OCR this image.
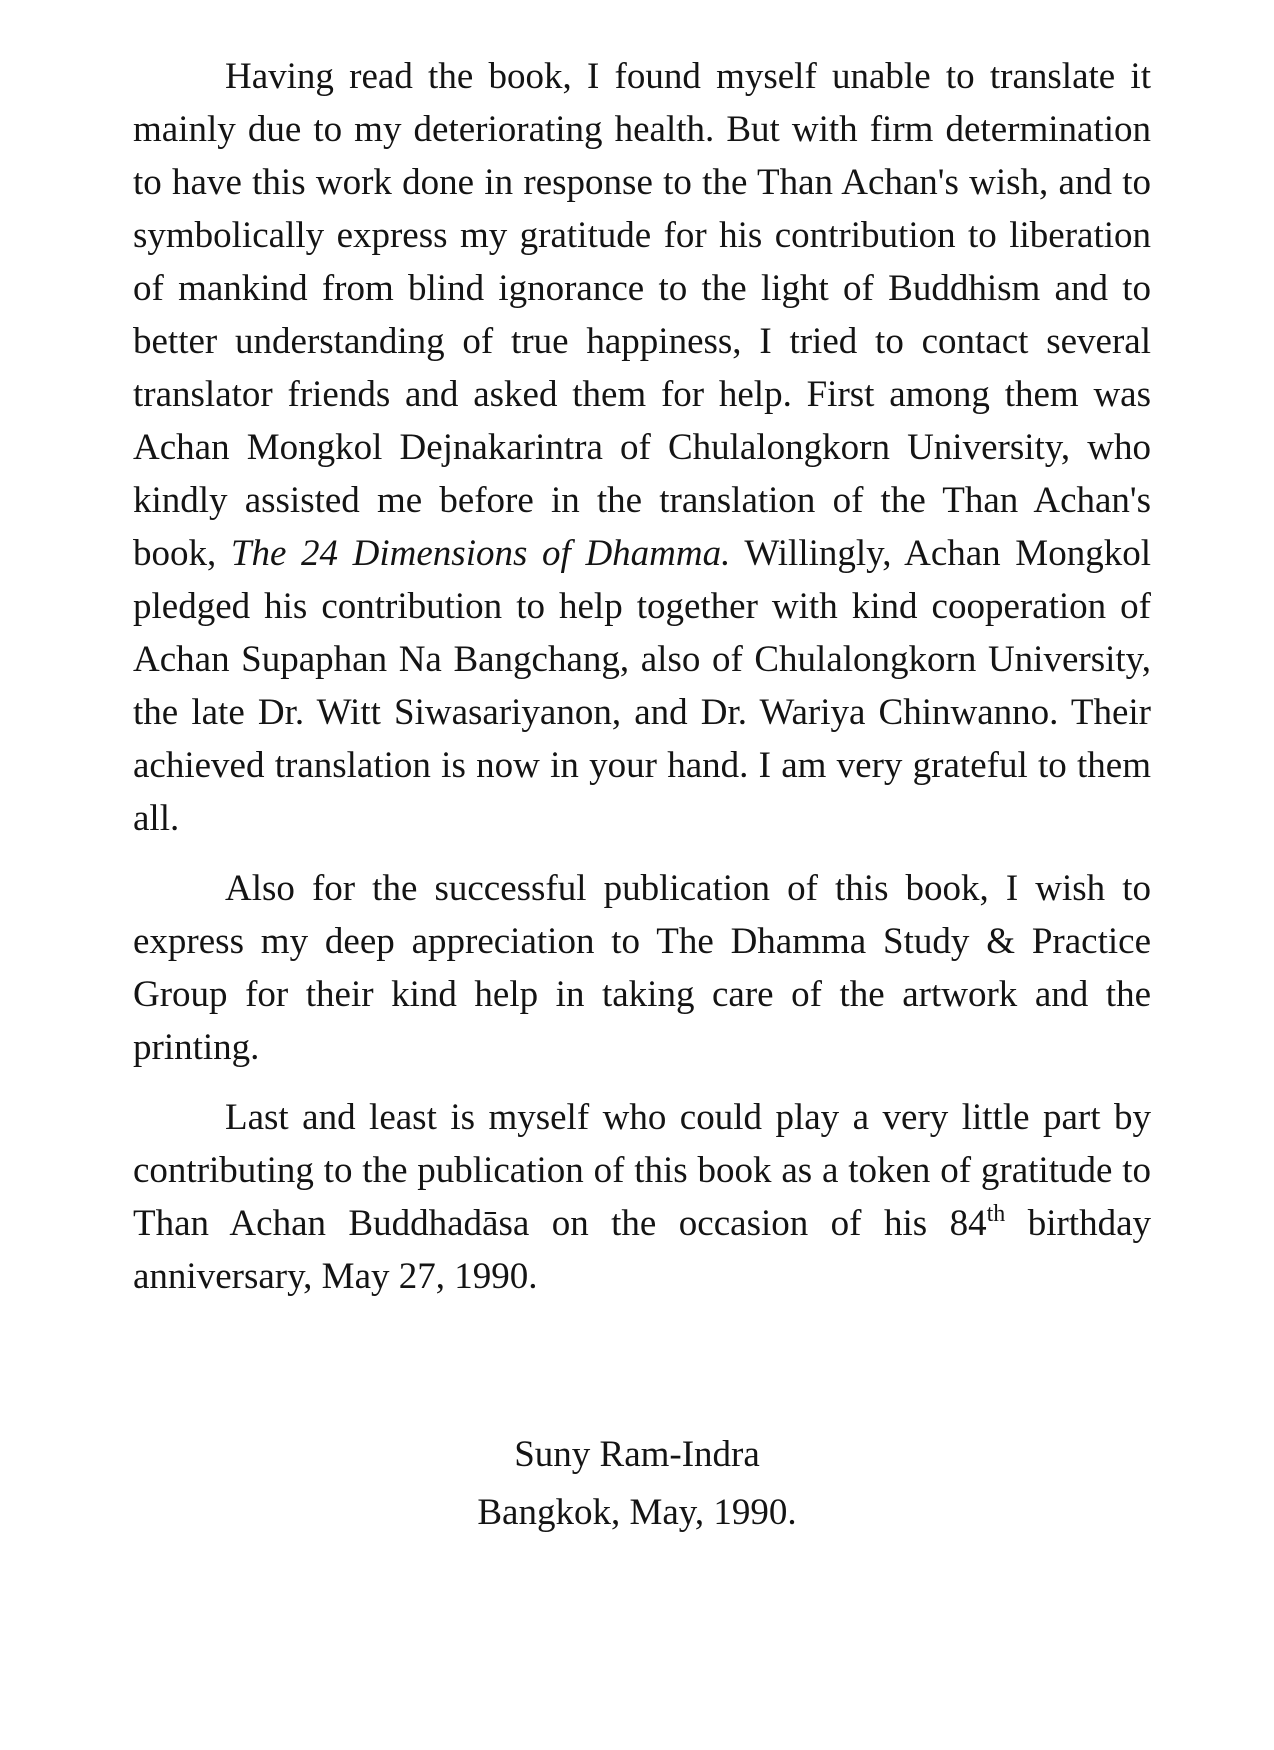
Having read the book, I found myself unable to translate it mainly due to my deteriorating health. But with firm determination to have this work done in response to the Than Achan's wish, and to symbolically express my gratitude for his contribution to liberation of mankind from blind ignorance to the light of Buddhism and to better understanding of true happiness, I tried to contact several translator friends and asked them for help. First among them was Achan Mongkol Dejnakarintra of Chulalongkorn University, who kindly assisted me before in the translation of the Than Achan's book, The 24 Dimensions of Dhamma. Willingly, Achan Mongkol pledged his contribution to help together with kind cooperation of Achan Supaphan Na Bangchang, also of Chulalongkorn University, the late Dr. Witt Siwasariyanon, and Dr. Wariya Chinwanno. Their achieved translation is now in your hand. I am very grateful to them all.

Also for the successful publication of this book, I wish to express my deep appreciation to The Dhamma Study & Practice Group for their kind help in taking care of the artwork and the printing.

Last and least is myself who could play a very little part by contributing to the publication of this book as a token of gratitude to Than Achan Buddhadāsa on the occasion of his 84th birthday anniversary, May 27, 1990.

Suny Ram-Indra
Bangkok, May, 1990.
